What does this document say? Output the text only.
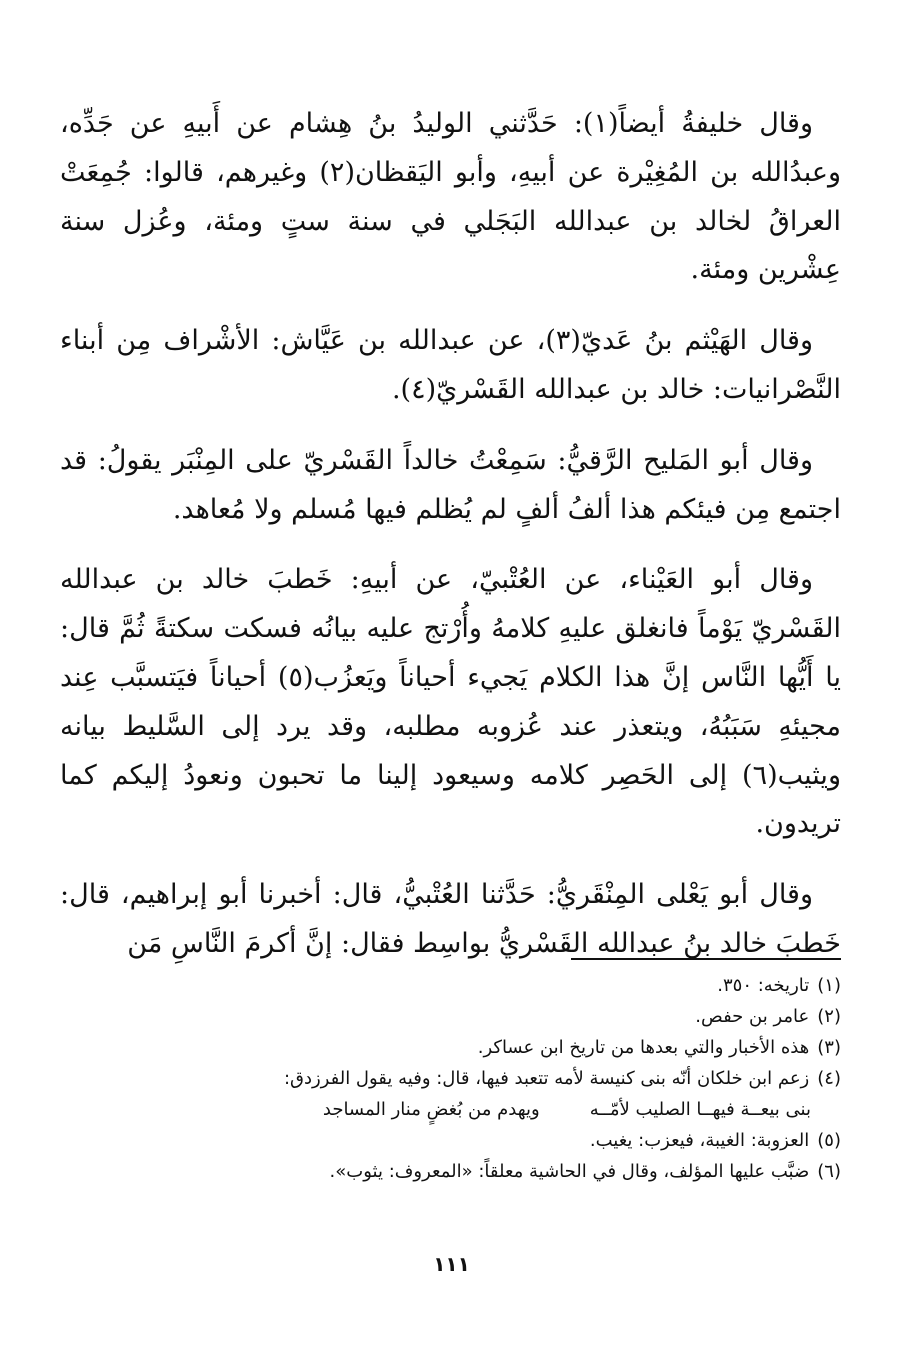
وقال خليفةُ أيضاً(١): حَدَّثني الوليدُ بنُ هِشام عن أَبيهِ عن جَدِّه، وعبدُالله بن المُغِيْرة عن أبيهِ، وأبو اليَقظان(٢) وغيرهم، قالوا: جُمِعَتْ العراقُ لخالد بن عبدالله البَجَلي في سنة ستٍ ومئة، وعُزل سنة عِشْرين ومئة.

وقال الهَيْثم بنُ عَديّ(٣)، عن عبدالله بن عَيَّاش: الأشْراف مِن أبناء النَّصْرانيات: خالد بن عبدالله القَسْريّ(٤).

وقال أبو المَليح الرَّقيُّ: سَمِعْتُ خالداً القَسْريّ على المِنْبَر يقولُ: قد اجتمع مِن فيئكم هذا ألفُ ألفٍ لم يُظلم فيها مُسلم ولا مُعاهد.

وقال أبو العَيْناء، عن العُتْبيّ، عن أبيهِ: خَطبَ خالد بن عبدالله القَسْريّ يَوْماً فانغلق عليهِ كلامهُ وأُرْتج عليه بيانُه فسكت سكتةً ثُمَّ قال: يا أَيُّها النَّاس إنَّ هذا الكلام يَجيء أحياناً ويَعزُب(٥) أحياناً فيَتسبَّب عِند مجيئهِ سَبَبُهُ، ويتعذر عند عُزوبه مطلبه، وقد يرد إلى السَّليط بيانه ويثيب(٦) إلى الحَصِر كلامه وسيعود إلينا ما تحبون ونعودُ إليكم كما تريدون.

وقال أبو يَعْلى المِنْقَريُّ: حَدَّثنا العُتْبيُّ، قال: أخبرنا أبو إبراهيم، قال: خَطبَ خالد بنُ عبدالله القَسْريُّ بواسِط فقال: إنَّ أكرمَ النَّاسِ مَن

(١)تاريخه: ٣٥٠.

(٢)عامر بن حفص.

(٣)هذه الأخبار والتي بعدها من تاريخ ابن عساكر.

(٤)زعم ابن خلكان أنّه بنى كنيسة لأمه تتعبد فيها، قال: وفيه يقول الفرزدق:

بنى بيعــة فيهــا الصليب لأمّــهويهدم من بُغضٍ منار المساجد

(٥)العزوبة: الغيبة، فيعزب: يغيب.

(٦)ضبَّب عليها المؤلف، وقال في الحاشية معلقاً: «المعروف: يثوب».

١١١
